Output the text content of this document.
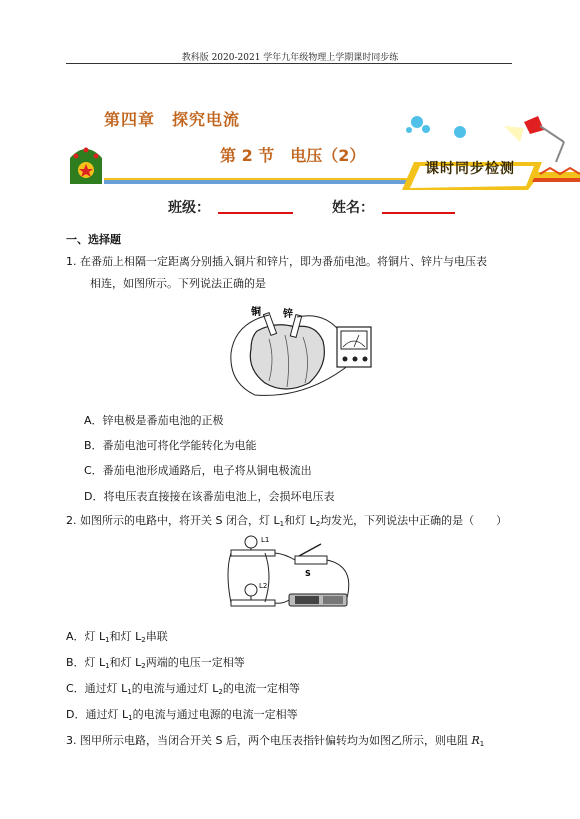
教科版 2020-2021 学年九年级物理上学期课时同步练
第四章　探究电流
第 2 节　电压（2）
课时同步检测
班级：	姓名：
一、选择题
1. 在番茄上相隔一定距离分别插入铜片和锌片，即为番茄电池。将铜片、锌片与电压表
相连，如图所示。下列说法正确的是
铜 锌
A．锌电极是番茄电池的正极
B．番茄电池可将化学能转化为电能
C．番茄电池形成通路后，电子将从铜电极流出
D．将电压表直接接在该番茄电池上，会损坏电压表
2. 如图所示的电路中，将开关 S 闭合，灯 $L_1$和灯 $L_2$均发光，下列说法中正确的是（　　）
L1
L2
S
A．灯 $L_1$和灯 $L_2$串联
B．灯 $L_1$和灯 $L_2$两端的电压一定相等
C．通过灯 $L_1$的电流与通过灯 $L_2$的电流一定相等
D．通过灯 $L_1$的电流与通过电源的电流一定相等
3. 图甲所示电路，当闭合开关 S 后，两个电压表指针偏转均为如图乙所示，则电阻 $R_1$
